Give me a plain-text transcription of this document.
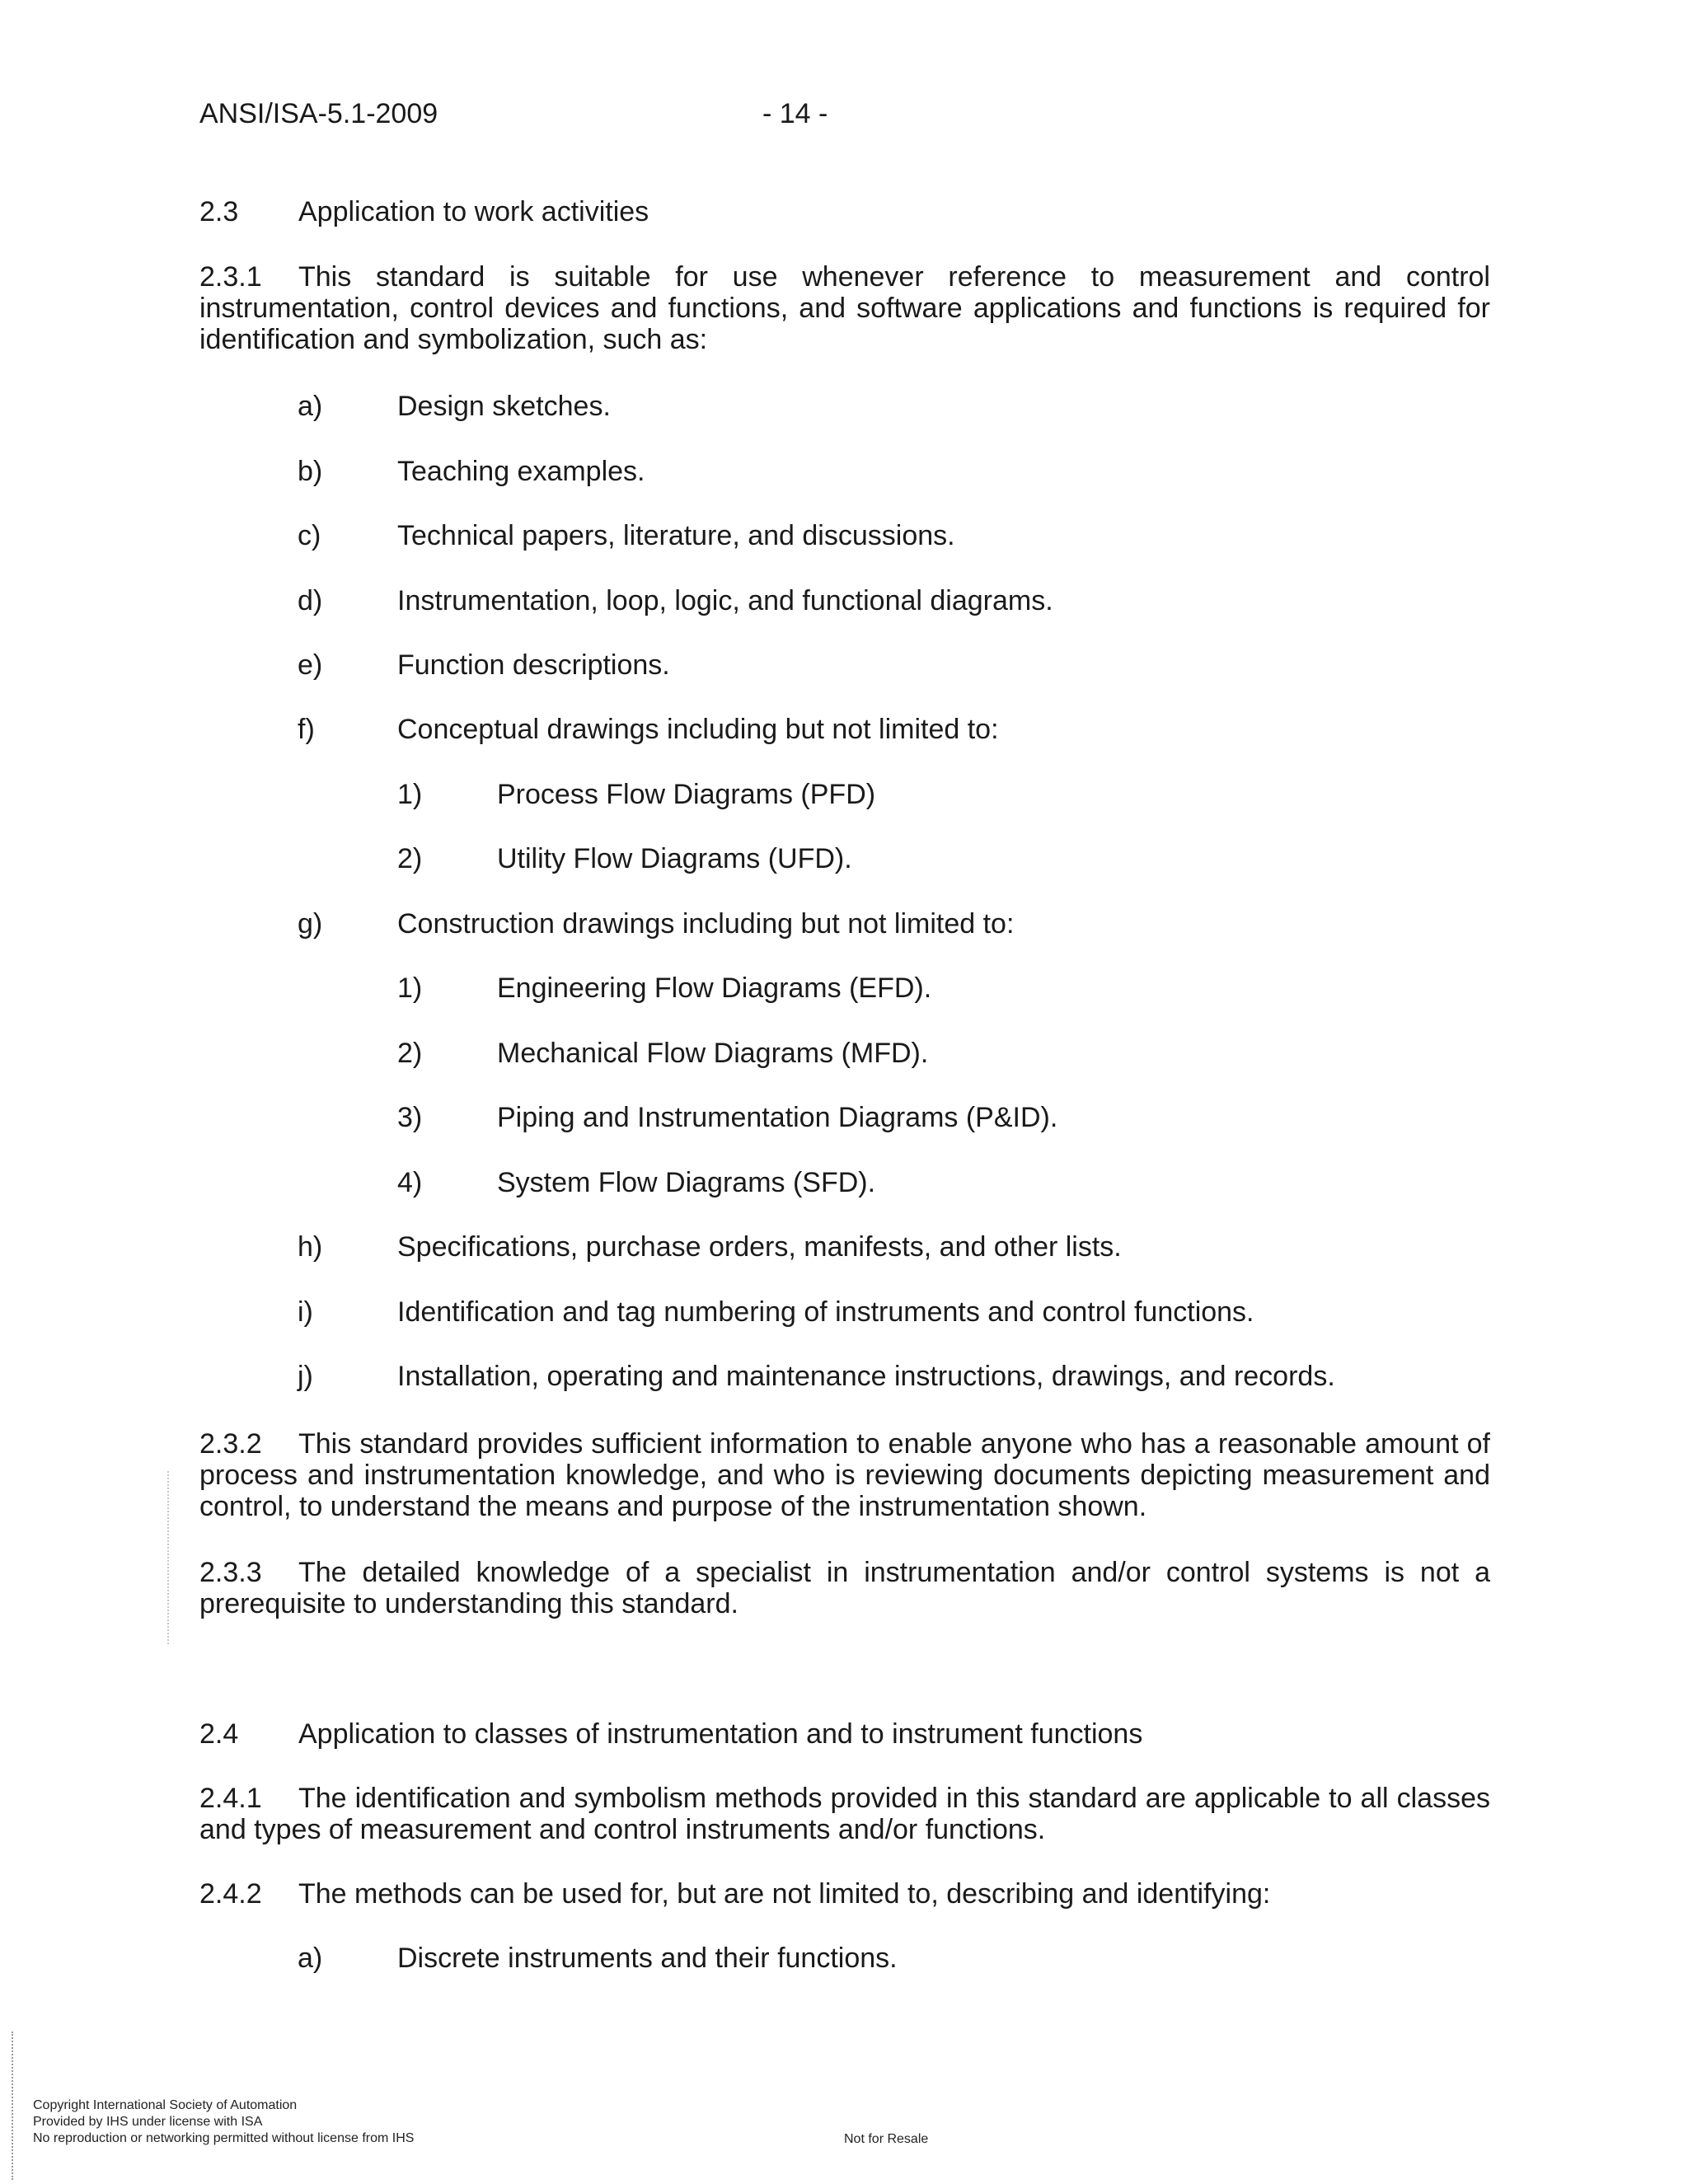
ANSI/ISA-5.1-2009	- 14 -
2.3 Application to work activities
2.3.1 This standard is suitable for use whenever reference to measurement and control instrumentation, control devices and functions, and software applications and functions is required for identification and symbolization, such as:
a)	Design sketches.
b)	Teaching examples.
c)	Technical papers, literature, and discussions.
d)	Instrumentation, loop, logic, and functional diagrams.
e)	Function descriptions.
f)	Conceptual drawings including but not limited to:
1)	Process Flow Diagrams (PFD)
2)	Utility Flow Diagrams (UFD).
g)	Construction drawings including but not limited to:
1)	Engineering Flow Diagrams (EFD).
2)	Mechanical Flow Diagrams (MFD).
3)	Piping and Instrumentation Diagrams (P&ID).
4)	System Flow Diagrams (SFD).
h)	Specifications, purchase orders, manifests, and other lists.
i)	Identification and tag numbering of instruments and control functions.
j)	Installation, operating and maintenance instructions, drawings, and records.
2.3.2 This standard provides sufficient information to enable anyone who has a reasonable amount of process and instrumentation knowledge, and who is reviewing documents depicting measurement and control, to understand the means and purpose of the instrumentation shown.
2.3.3 The detailed knowledge of a specialist in instrumentation and/or control systems is not a prerequisite to understanding this standard.
2.4 Application to classes of instrumentation and to instrument functions
2.4.1 The identification and symbolism methods provided in this standard are applicable to all classes and types of measurement and control instruments and/or functions.
2.4.2 The methods can be used for, but are not limited to, describing and identifying:
a)	Discrete instruments and their functions.
Copyright International Society of Automation
Provided by IHS under license with ISA
No reproduction or networking permitted without license from IHS	Not for Resale
